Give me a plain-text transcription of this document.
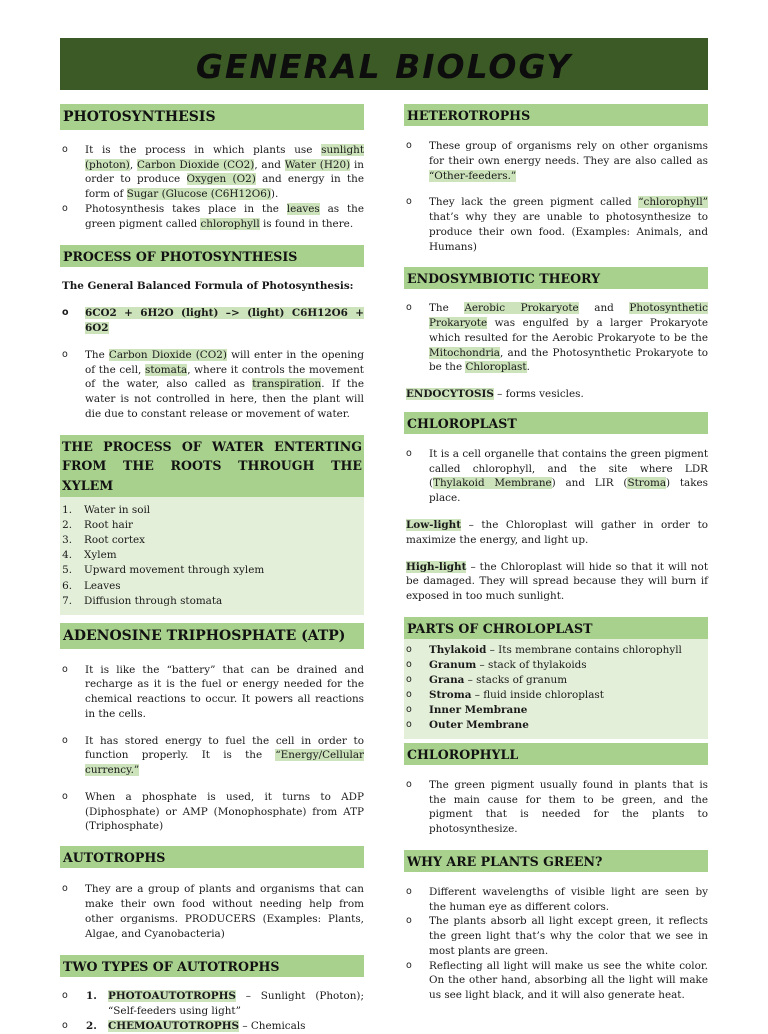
GENERAL BIOLOGY
PHOTOSYNTHESIS
o It is the process in which plants use sunlight (photon), Carbon Dioxide (CO2), and Water (H20) in order to produce Oxygen (O2) and energy in the form of Sugar (Glucose (C6H12O6)).
o Photosynthesis takes place in the leaves as the green pigment called chlorophyll is found in there.
PROCESS OF PHOTOSYNTHESIS

The General Balanced Formula of Photosynthesis:

o 6CO2 + 6H2O (light) –> (light) C6H12O6 + 6O2
o The Carbon Dioxide (CO2) will enter in the opening of the cell, stomata, where it controls the movement of the water, also called as transpiration. If the water is not controlled in here, then the plant will die due to constant release or movement of water.
THE PROCESS OF WATER ENTERTING FROM THE ROOTS THROUGH THE XYLEM
1. Water in soil
2. Root hair
3. Root cortex
4. Xylem
5. Upward movement through xylem
6. Leaves
7. Diffusion through stomata
ADENOSINE TRIPHOSPHATE (ATP)
o It is like the “battery” that can be drained and recharge as it is the fuel or energy needed for the chemical reactions to occur. It powers all reactions in the cells.
o It has stored energy to fuel the cell in order to function properly. It is the “Energy/Cellular currency.”
o When a phosphate is used, it turns to ADP (Diphosphate) or AMP (Monophosphate) from ATP (Triphosphate)
AUTOTROPHS
o They are a group of plants and organisms that can make their own food without needing help from other organisms. PRODUCERS (Examples: Plants, Algae, and Cyanobacteria)
TWO TYPES OF AUTOTROPHS
o 1. PHOTOAUTOTROPHS – Sunlight (Photon); “Self-feeders using light”
o 2. CHEMOAUTOTROPHS – Chemicals
HETEROTROPHS
o These group of organisms rely on other organisms for their own energy needs. They are also called as “Other-feeders.”
o They lack the green pigment called “chlorophyll” that’s why they are unable to photosynthesize to produce their own food. (Examples: Animals, and Humans)
ENDOSYMBIOTIC THEORY
o The Aerobic Prokaryote and Photosynthetic Prokaryote was engulfed by a larger Prokaryote which resulted for the Aerobic Prokaryote to be the Mitochondria, and the Photosynthetic Prokaryote to be the Chloroplast.

ENDOCYTOSIS – forms vesicles.

CHLOROPLAST
o It is a cell organelle that contains the green pigment called chlorophyll, and the site where LDR (Thylakoid Membrane) and LIR (Stroma) takes place.

Low-light – the Chloroplast will gather in order to maximize the energy, and light up.

High-light – the Chloroplast will hide so that it will not be damaged. They will spread because they will burn if exposed in too much sunlight.

PARTS OF CHROLOPLAST
o Thylakoid – Its membrane contains chlorophyll
o Granum – stack of thylakoids
o Grana – stacks of granum
o Stroma – fluid inside chloroplast
o Inner Membrane
o Outer Membrane
CHLOROPHYLL
o The green pigment usually found in plants that is the main cause for them to be green, and the pigment that is needed for the plants to photosynthesize.
WHY ARE PLANTS GREEN?
o Different wavelengths of visible light are seen by the human eye as different colors.
o The plants absorb all light except green, it reflects the green light that’s why the color that we see in most plants are green.
o Reflecting all light will make us see the white color. On the other hand, absorbing all the light will make us see light black, and it will also generate heat.
